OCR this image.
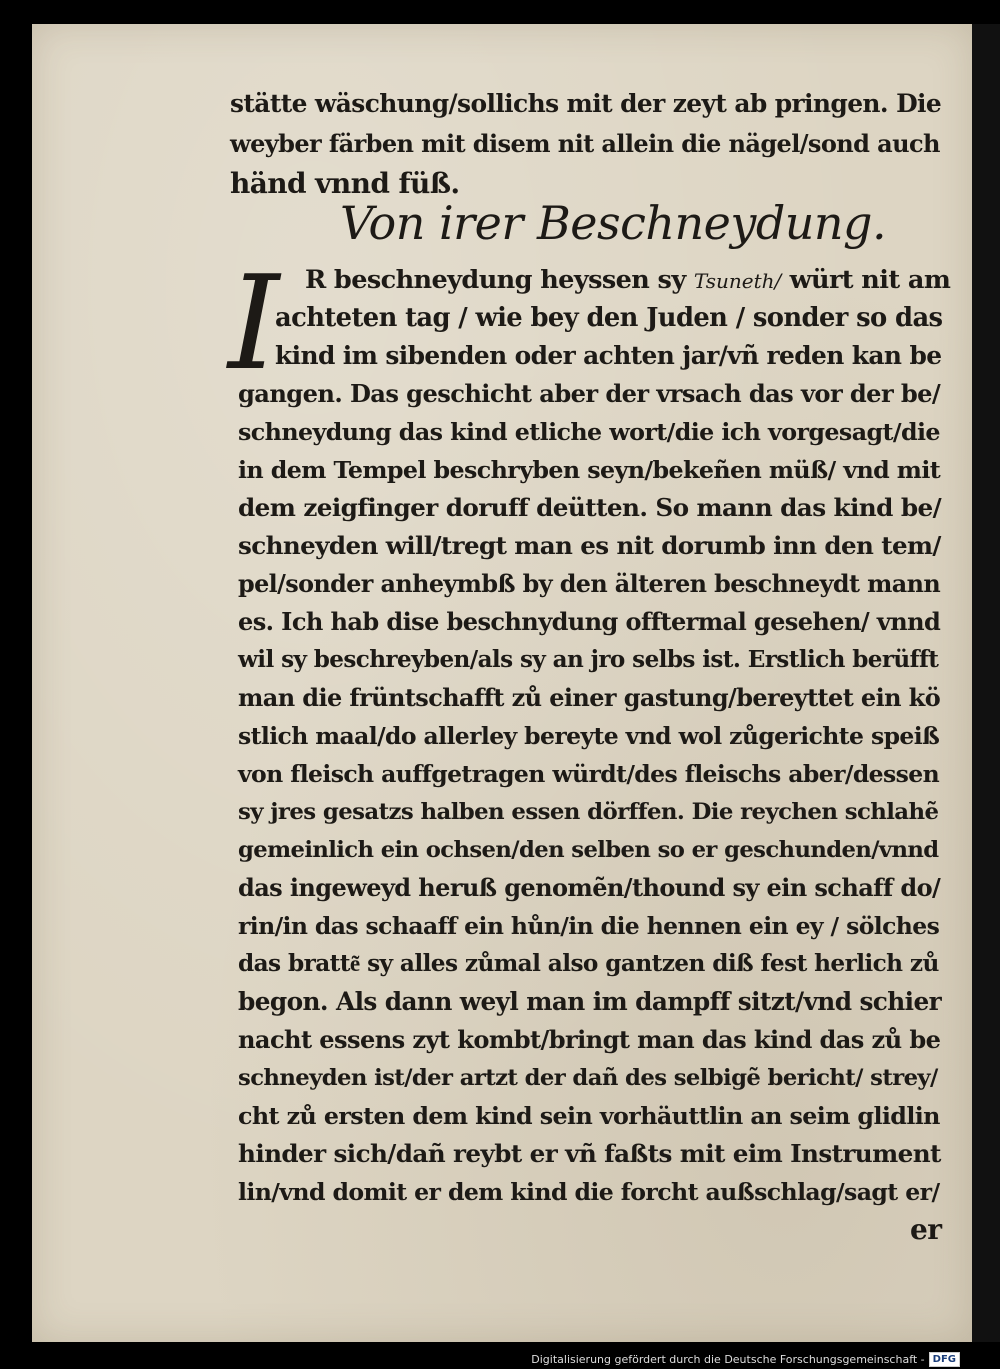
stätte wäschung/sollichs mit der zeyt ab pringen. Die
weyber färben mit disem nit allein die nägel/sond auch
händ vnnd füß.
Von irer Beschneydung.
I	R beschneydung heyssen sy Tsuneth/ würt nit am
achteten tag / wie bey den Juden / sonder so das
kind im sibenden oder achten jar/vñ reden kan be
gangen. Das geschicht aber der vrsach das vor der be/
schneydung das kind etliche wort/die ich vorgesagt/die
in dem Tempel beschryben seyn/bekeñen müß/ vnd mit
dem zeigfinger doruff deütten. So mann das kind be/
schneyden will/tregt man es nit dorumb inn den tem/
pel/sonder anheymbß by den älteren beschneydt mann
es. Ich hab dise beschnydung offtermal gesehen/ vnnd
wil sy beschreyben/als sy an jro selbs ist. Erstlich berüfft
man die früntschafft zů einer gastung/bereyttet ein kö
stlich maal/do allerley bereyte vnd wol zůgerichte speiß
von fleisch auffgetragen würdt/des fleischs aber/dessen
sy jres gesatzs halben essen dörffen. Die reychen schlahẽ
gemeinlich ein ochsen/den selben so er geschunden/vnnd
das ingeweyd heruß genomẽn/thound sy ein schaff do/
rin/in das schaaff ein hůn/in die hennen ein ey / sölches
das bratte͂ sy alles zůmal also gantzen diß fest herlich zů
begon. Als dann weyl man im dampff sitzt/vnd schier
nacht essens zyt kombt/bringt man das kind das zů be
schneyden ist/der artzt der dañ des selbigẽ bericht/ strey/
cht zů ersten dem kind sein vorhäuttlin an seim glidlin
hinder sich/dañ reybt er vñ faßts mit eim Instrument
lin/vnd domit er dem kind die forcht außschlag/sagt er/
er
Digitalisierung gefördert durch die Deutsche Forschungsgemeinschaft - DFG
